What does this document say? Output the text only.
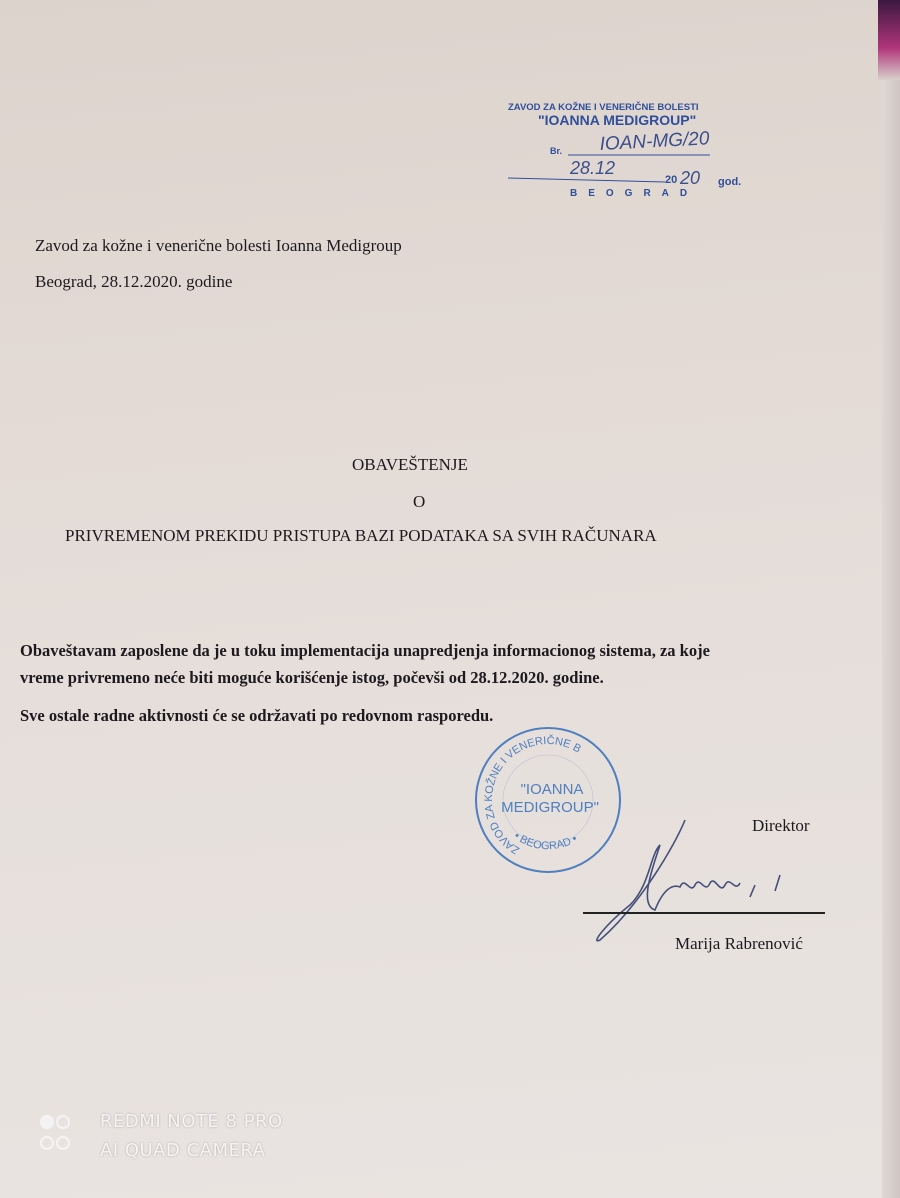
ZAVOD ZA KOŽNE I VENERIČNE BOLESTI
"IOANNA MEDIGROUP"
Br.
20	god.
BEOGRAD
IOAN-MG/20
28.12	20
Zavod za kožne i venerične bolesti Ioanna Medigroup
Beograd, 28.12.2020. godine
OBAVEŠTENJE
O
PRIVREMENOM PREKIDU PRISTUPA BAZI PODATAKA SA SVIH RAČUNARA
Obaveštavam zaposlene da je u toku implementacija unapredjenja informacionog sistema, za koje
vreme privremeno neće biti moguće korišćenje istog, počevši od 28.12.2020. godine.
Sve ostale radne aktivnosti će se održavati po redovnom rasporedu.
ZAVOD ZA KOŽNE I VENERIČNE BOLESTI
• BEOGRAD •
"IOANNA
MEDIGROUP"
Direktor
Marija Rabrenović
REDMI NOTE 8 PRO
AI QUAD CAMERA
